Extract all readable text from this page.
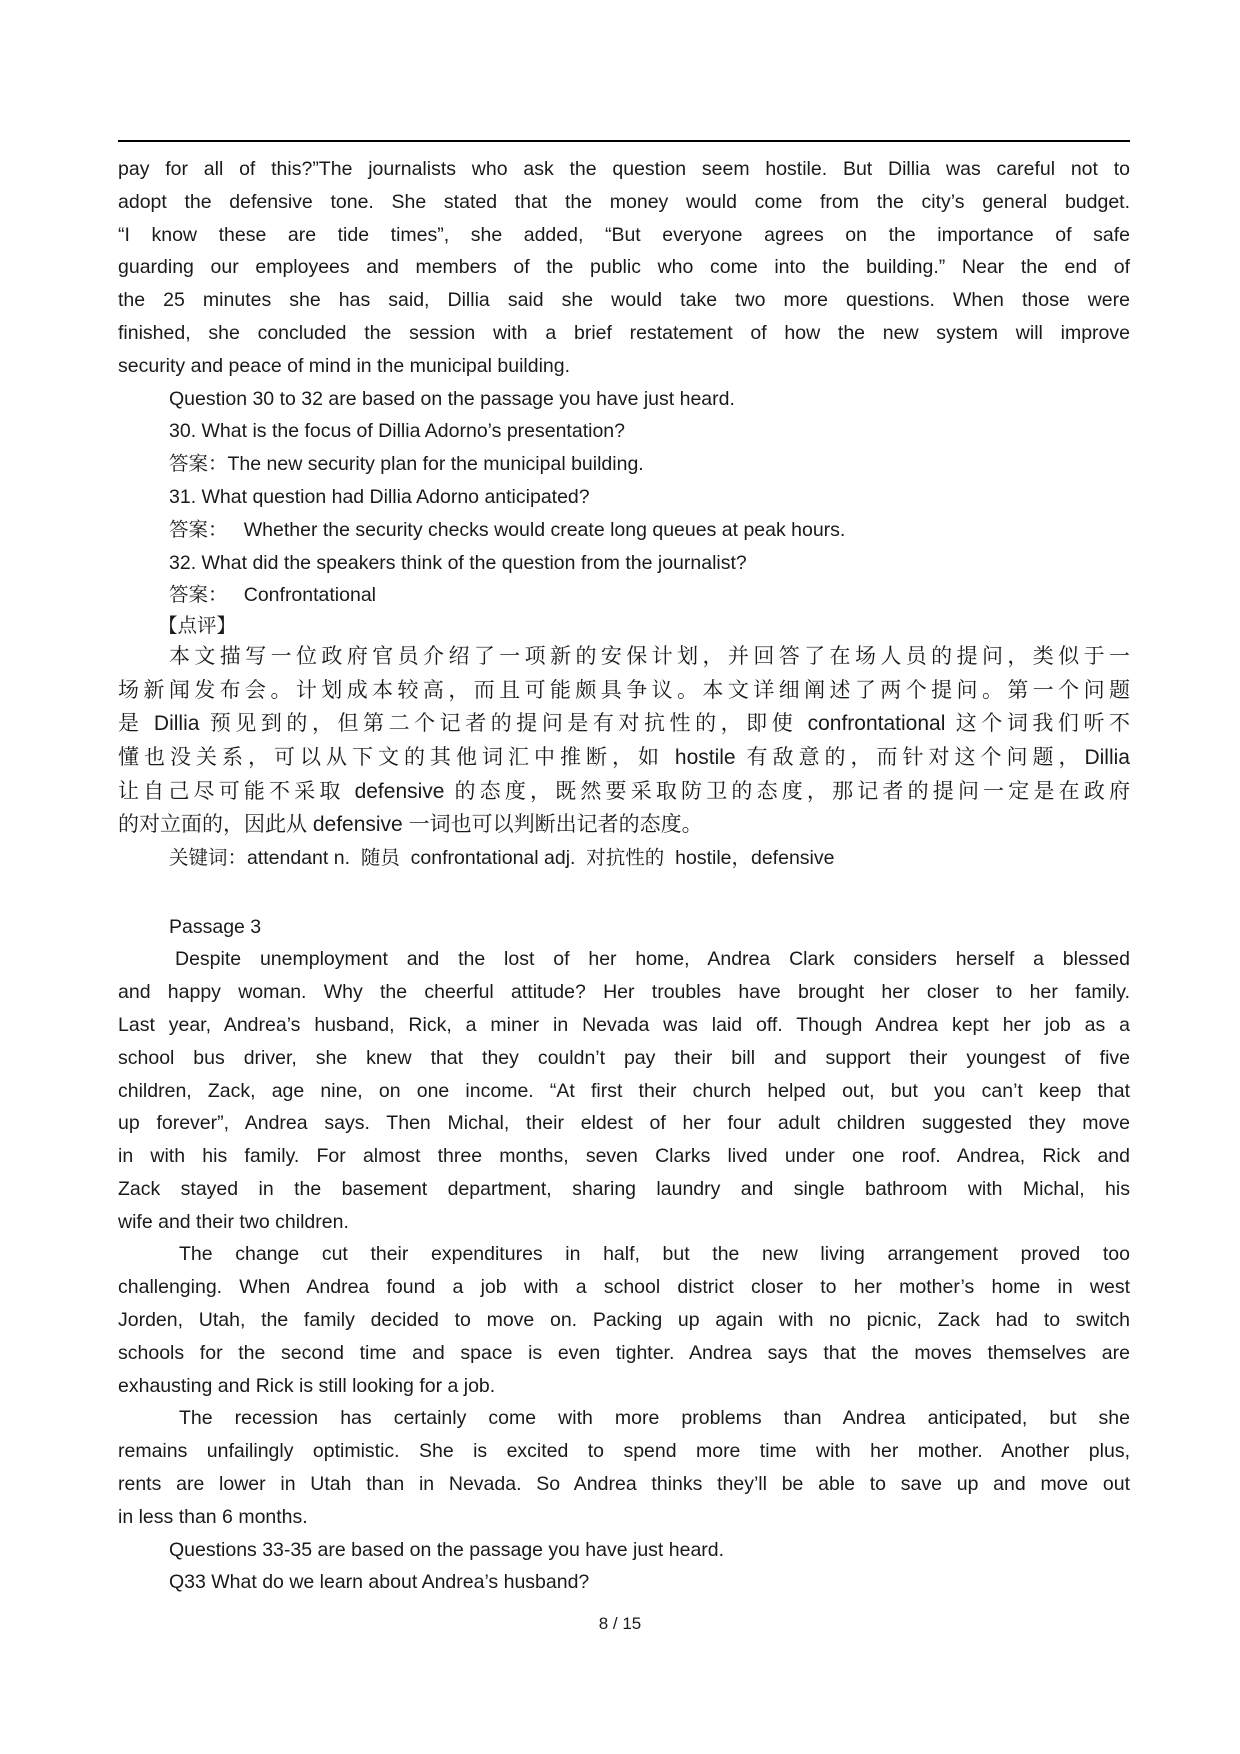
pay for all of this?”The journalists who ask the question seem hostile. But Dillia was careful not to
adopt the defensive tone. She stated that the money would come from the city’s general budget.
“I know these are tide times”, she added, “But everyone agrees on the importance of safe
guarding our employees and members of the public who come into the building.” Near the end of
the 25 minutes she has said, Dillia said she would take two more questions. When those were
finished, she concluded the session with a brief restatement of how the new system will improve
security and peace of mind in the municipal building.
Question 30 to 32 are based on the passage you have just heard.
30. What is the focus of Dillia Adorno’s presentation?
答案：The new security plan for the municipal building.
31. What question had Dillia Adorno anticipated?
答案：   Whether the security checks would create long queues at peak hours.
32. What did the speakers think of the question from the journalist?
答案：   Confrontational
【点评】
本文描写一位政府官员介绍了一项新的安保计划，并回答了在场人员的提问，类似于一
场新闻发布会。计划成本较高，而且可能颇具争议。本文详细阐述了两个提问。第一个问题
是 Dillia 预见到的，但第二个记者的提问是有对抗性的，即使 confrontational 这个词我们听不
懂也没关系，可以从下文的其他词汇中推断，如 hostile 有敌意的，而针对这个问题，Dillia
让自己尽可能不采取 defensive 的态度，既然要采取防卫的态度，那记者的提问一定是在政府
的对立面的，因此从 defensive 一词也可以判断出记者的态度。
关键词：attendant n.  随员  confrontational adj.  对抗性的  hostile，defensive
Passage 3
Despite unemployment and the lost of her home, Andrea Clark considers herself a blessed
and happy woman. Why the cheerful attitude? Her troubles have brought her closer to her family.
Last year, Andrea’s husband, Rick, a miner in Nevada was laid off. Though Andrea kept her job as a
school bus driver, she knew that they couldn’t pay their bill and support their youngest of five
children, Zack, age nine, on one income. “At first their church helped out, but you can’t keep that
up forever”, Andrea says. Then Michal, their eldest of her four adult children suggested they move
in with his family. For almost three months, seven Clarks lived under one roof. Andrea, Rick and
Zack stayed in the basement department, sharing laundry and single bathroom with Michal, his
wife and their two children.
The change cut their expenditures in half, but the new living arrangement proved too
challenging. When Andrea found a job with a school district closer to her mother’s home in west
Jorden, Utah, the family decided to move on. Packing up again with no picnic, Zack had to switch
schools for the second time and space is even tighter. Andrea says that the moves themselves are
exhausting and Rick is still looking for a job.
The recession has certainly come with more problems than Andrea anticipated, but she
remains unfailingly optimistic. She is excited to spend more time with her mother. Another plus,
rents are lower in Utah than in Nevada. So Andrea thinks they’ll be able to save up and move out
in less than 6 months.
Questions 33-35 are based on the passage you have just heard.
Q33 What do we learn about Andrea’s husband?
8 / 15
